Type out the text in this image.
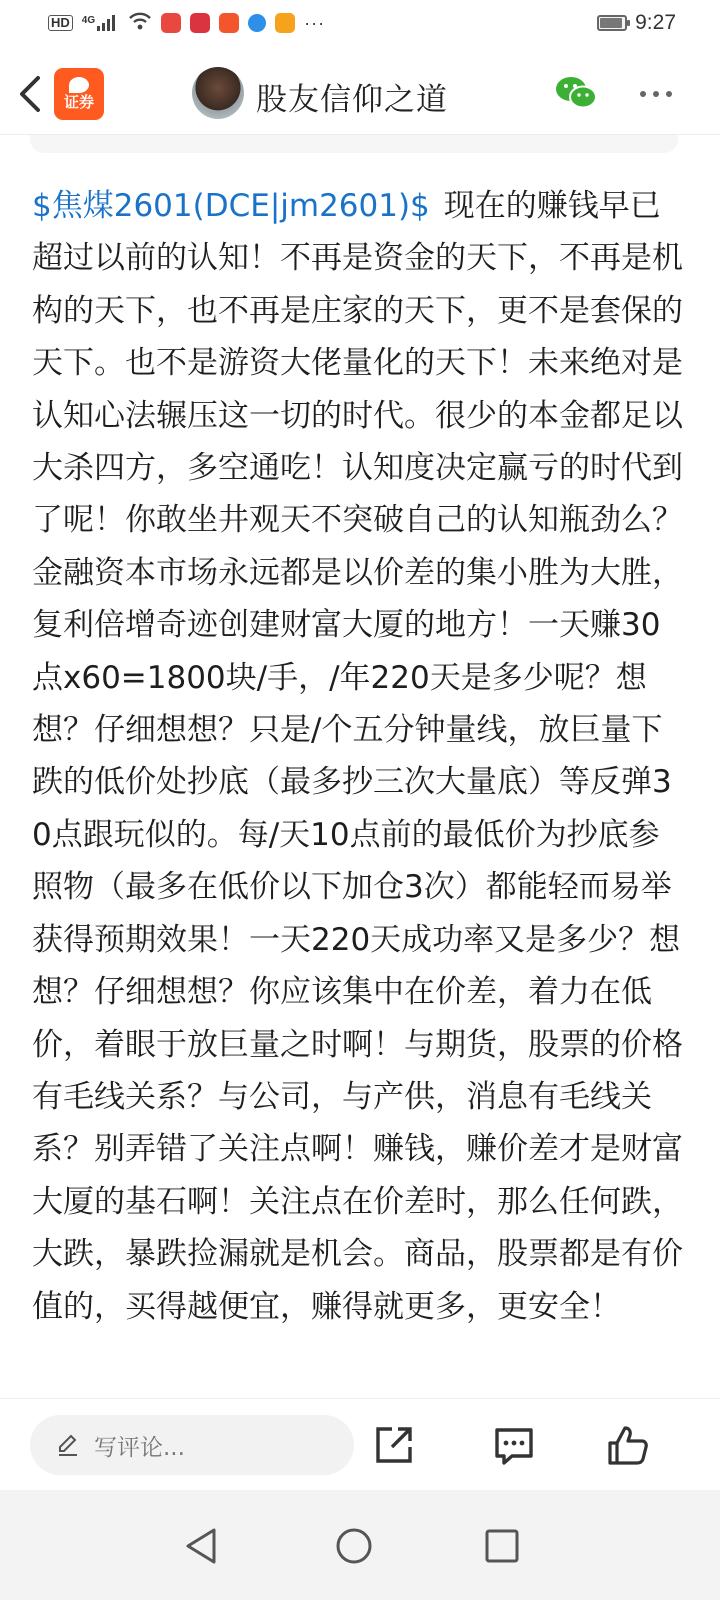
HD	4G	···	9:27
证券	股友信仰之道
$焦煤2601(DCE|jm2601)$ 现在的赚钱早已超过以前的认知！不再是资金的天下，不再是机构的天下，也不再是庄家的天下，更不是套保的天下。也不是游资大佬量化的天下！未来绝对是认知心法辗压这一切的时代。很少的本金都足以大杀四方，多空通吃！认知度决定赢亏的时代到了呢！你敢坐井观天不突破自己的认知瓶劲么？金融资本市场永远都是以价差的集小胜为大胜，复利倍增奇迹创建财富大厦的地方！一天赚30点x60=1800块/手，/年220天是多少呢？想想？仔细想想？只是/个五分钟量线，放巨量下跌的低价处抄底（最多抄三次大量底）等反弹30点跟玩似的。每/天10点前的最低价为抄底参照物（最多在低价以下加仓3次）都能轻而易举获得预期效果！一天220天成功率又是多少？想想？仔细想想？你应该集中在价差，着力在低价，着眼于放巨量之时啊！与期货，股票的价格有毛线关系？与公司，与产供，消息有毛线关系？别弄错了关注点啊！赚钱，赚价差才是财富大厦的基石啊！关注点在价差时，那么任何跌，大跌，暴跌捡漏就是机会。商品，股票都是有价值的，买得越便宜，赚得就更多，更安全！
写评论...
